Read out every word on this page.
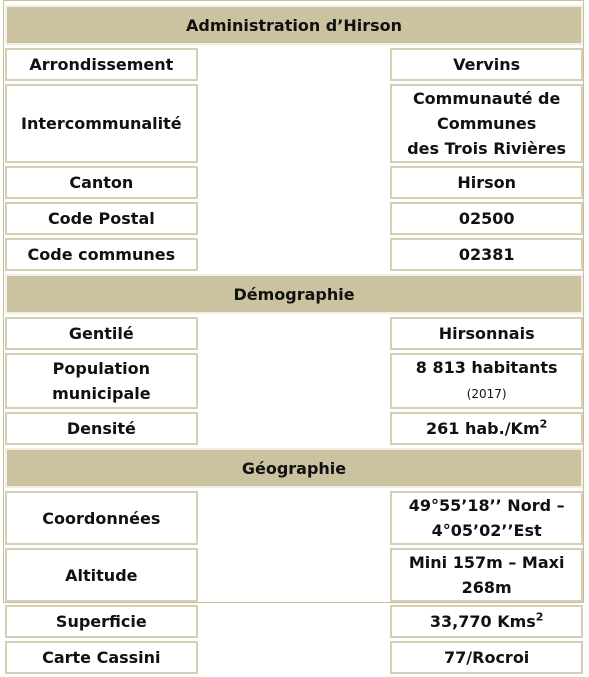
Administration d’Hirson		
Arrondissement		Vervins
Intercommunalité		Communauté de Communes
des Trois Rivières
Canton		Hirson
Code Postal		02500
Code communes		02381
Démographie		
Gentilé		Hirsonnais
Population municipale		8 813 habitants (2017)
Densité		261 hab./Km$^2$
Géographie		
Coordonnées		49°55’18’’ Nord – 4°05’02’’Est
Altitude		Mini 157m – Maxi 268m
Superficie		33,770 Kms$^2$
Carte Cassini		77/Rocroi
